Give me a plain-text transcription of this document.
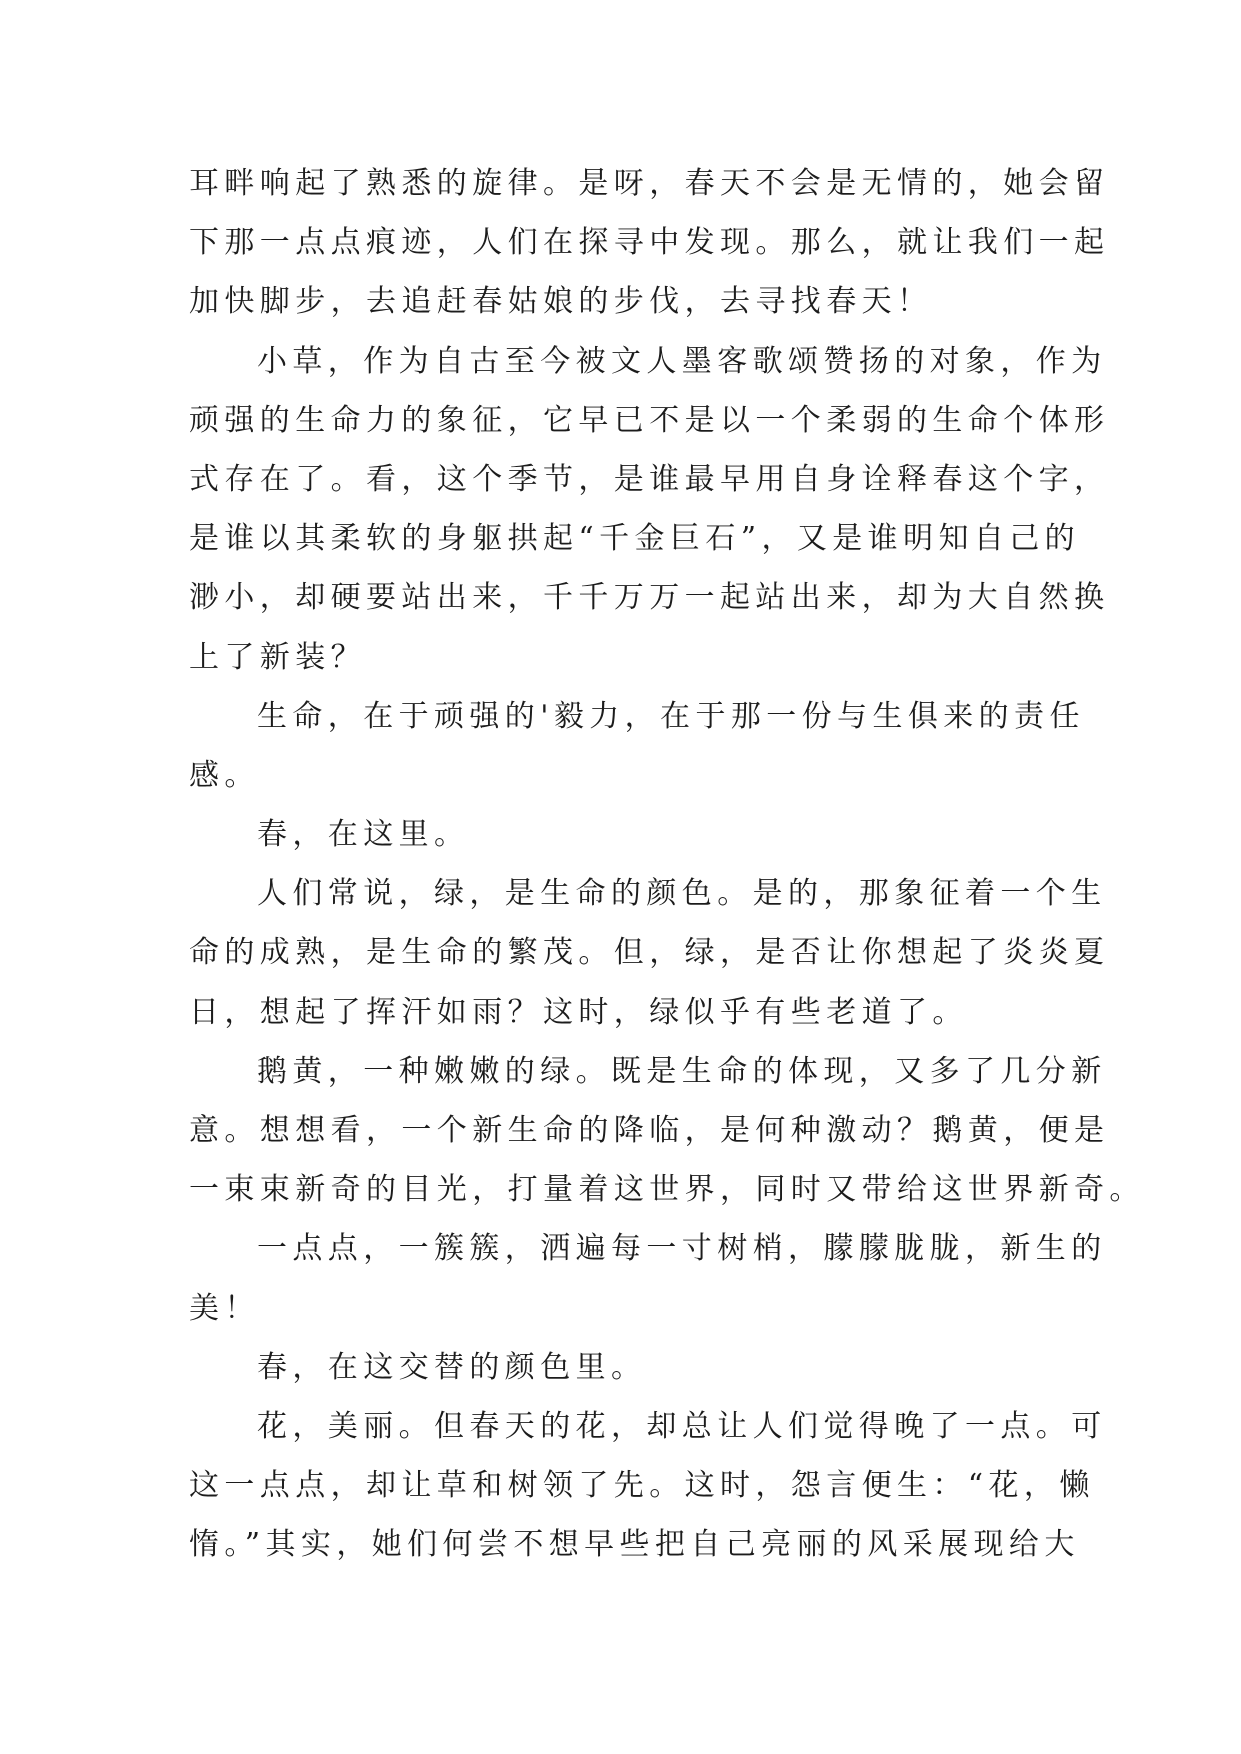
耳畔响起了熟悉的旋律。是呀，春天不会是无情的，她会留
下那一点点痕迹，人们在探寻中发现。那么，就让我们一起
加快脚步，去追赶春姑娘的步伐，去寻找春天！
小草，作为自古至今被文人墨客歌颂赞扬的对象，作为
顽强的生命力的象征，它早已不是以一个柔弱的生命个体形
式存在了。看，这个季节，是谁最早用自身诠释春这个字，
是谁以其柔软的身躯拱起“千金巨石”，又是谁明知自己的
渺小，却硬要站出来，千千万万一起站出来，却为大自然换
上了新装？
生命，在于顽强的'毅力，在于那一份与生俱来的责任
感。
春，在这里。
人们常说，绿，是生命的颜色。是的，那象征着一个生
命的成熟，是生命的繁茂。但，绿，是否让你想起了炎炎夏
日，想起了挥汗如雨？这时，绿似乎有些老道了。
鹅黄，一种嫩嫩的绿。既是生命的体现，又多了几分新
意。想想看，一个新生命的降临，是何种激动？鹅黄，便是
一束束新奇的目光，打量着这世界，同时又带给这世界新奇。
一点点，一簇簇，洒遍每一寸树梢，朦朦胧胧，新生的
美！
春，在这交替的颜色里。
花，美丽。但春天的花，却总让人们觉得晚了一点。可
这一点点，却让草和树领了先。这时，怨言便生：“花，懒
惰。”其实，她们何尝不想早些把自己亮丽的风采展现给大
